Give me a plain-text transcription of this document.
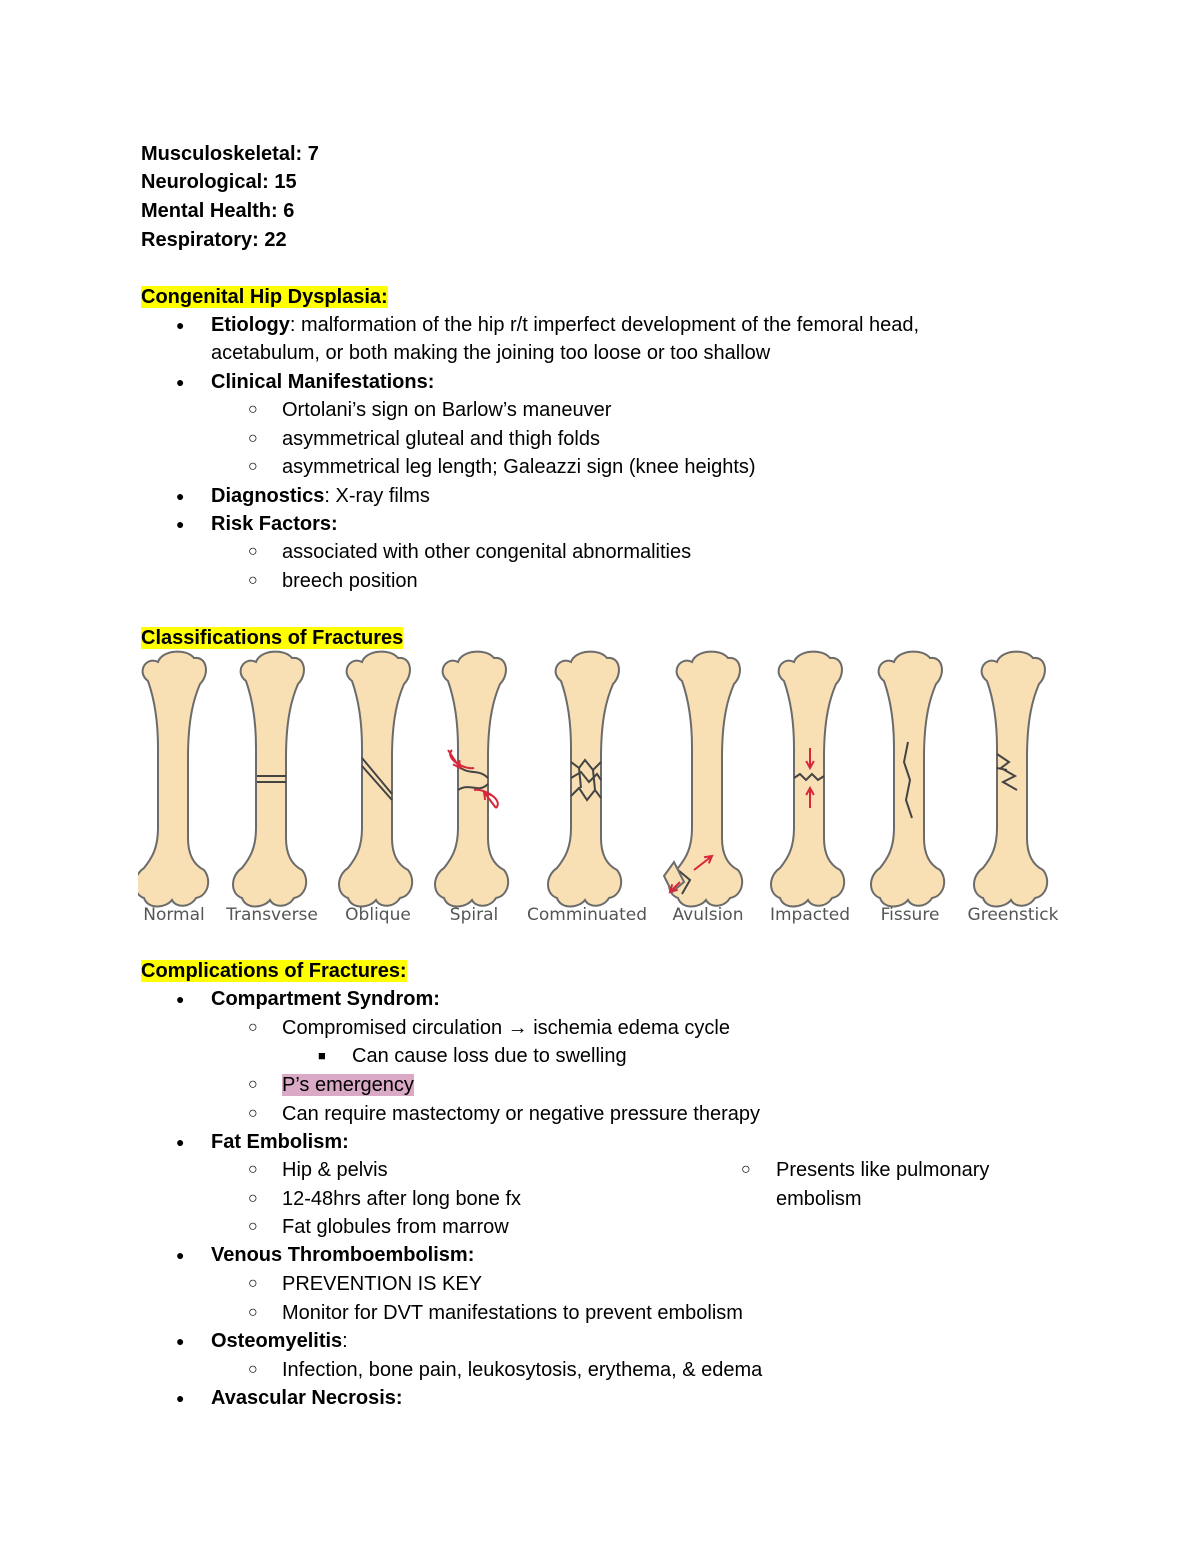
Musculoskeletal: 7
Neurological: 15
Mental Health: 6
Respiratory: 22
Congenital Hip Dysplasia:
● Etiology: malformation of the hip r/t imperfect development of the femoral head,
acetabulum, or both making the joining too loose or too shallow
● Clinical Manifestations:
○ Ortolani’s sign on Barlow’s maneuver
○ asymmetrical gluteal and thigh folds
○ asymmetrical leg length; Galeazzi sign (knee heights)
● Diagnostics: X-ray films
● Risk Factors:
○ associated with other congenital abnormalities
○ breech position
Classifications of Fractures
Normal Transverse Oblique Spiral Comminuated Avulsion Impacted Fissure Greenstick
Complications of Fractures:
● Compartment Syndrom:
○ Compromised circulation → ischemia edema cycle
■ Can cause loss due to swelling
○ P’s emergency
○ Can require mastectomy or negative pressure therapy
● Fat Embolism:
○ Hip & pelvis
○ 12-48hrs after long bone fx
○ Fat globules from marrow
○ Presents like pulmonary
embolism
● Venous Thromboembolism:
○ PREVENTION IS KEY
○ Monitor for DVT manifestations to prevent embolism
● Osteomyelitis:
○ Infection, bone pain, leukosytosis, erythema, & edema
● Avascular Necrosis:
